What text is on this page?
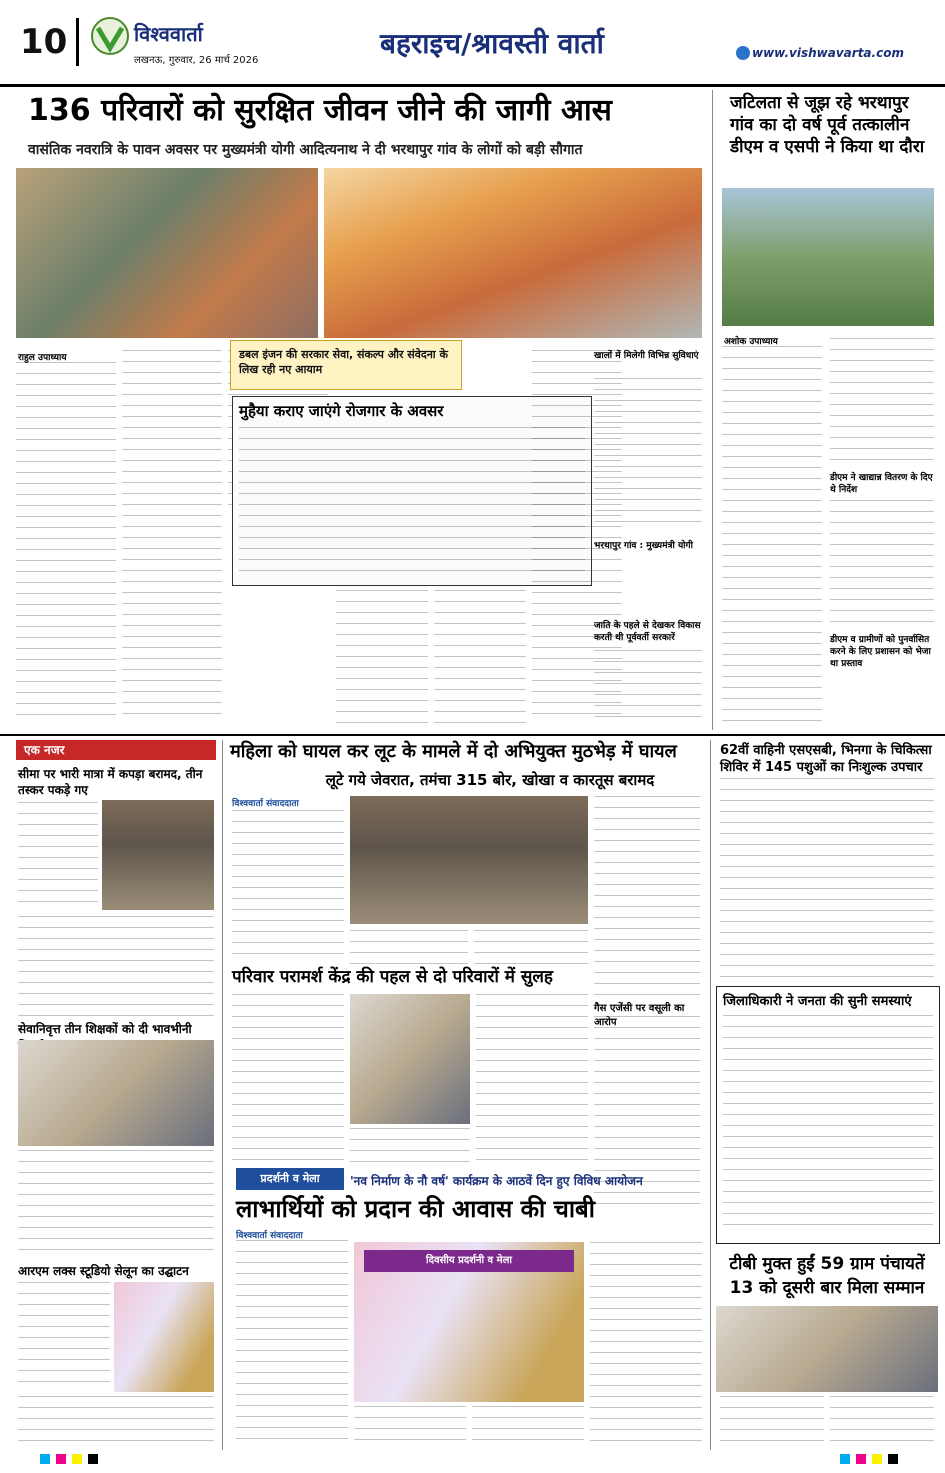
10	विश्ववार्ता
लखनऊ, गुरुवार, 26 मार्च 2026
बहराइच/श्रावस्ती वार्ता	www.vishwavarta.com
136 परिवारों को सुरक्षित जीवन जीने की जागी आस
वासंतिक नवरात्रि के पावन अवसर पर मुख्यमंत्री योगी आदित्यनाथ ने दी भरथापुर गांव के लोगों को बड़ी सौगात
राहुल उपाध्याय	डबल इंजन की सरकार सेवा, संकल्प और संवेदना के लिख रही नए आयाम
मुहैया कराए जाएंगे रोजगार के अवसर
खालों में मिलेगी विभिन्न सुविधाएं
भरथापुर गांव : मुख्यमंत्री योगी
जाति के पहले से देखकर विकास करती थी पूर्ववर्ती सरकारें
जटिलता से जूझ रहे भरथापुर गांव का दो वर्ष पूर्व तत्कालीन डीएम व एसपी ने किया था दौरा
अशोक उपाध्याय
डीएम ने खाद्यान्न वितरण के दिए थे निर्देश
डीएम व ग्रामीणों को पुनर्वासित करने के लिए प्रशासन को भेजा था प्रस्ताव
एक नजर
सीमा पर भारी मात्रा में कपड़ा बरामद, तीन तस्कर पकड़े गए
सेवानिवृत्त तीन शिक्षकों को दी भावभीनी
आरएम लक्स स्टूडियो सेलून का उद्घाटन
महिला को घायल कर लूट के मामले में दो अभियुक्त मुठभेड़ में घायल
लूटे गये जेवरात, तमंचा 315 बोर, खोखा व कारतूस बरामद
विश्ववार्ता संवाददाता
गैस एजेंसी पर वसूली का आरोप
परिवार परामर्श केंद्र की पहल से दो परिवारों में सुलह
प्रदर्शनी व मेला	'नव निर्माण के नौ वर्ष' कार्यक्रम के आठवें दिन हुए विविध आयोजन
लाभार्थियों को प्रदान की आवास की चाबी
विश्ववार्ता संवाददाता
दिवसीय प्रदर्शनी व मेला
62वीं वाहिनी एसएसबी, भिनगा के चिकित्सा शिविर में 145 पशुओं का निःशुल्क उपचार
जिलाधिकारी ने जनता की सुनी समस्याएं
टीबी मुक्त हुईं 59 ग्राम पंचायतें 13 को दूसरी बार मिला सम्मान
